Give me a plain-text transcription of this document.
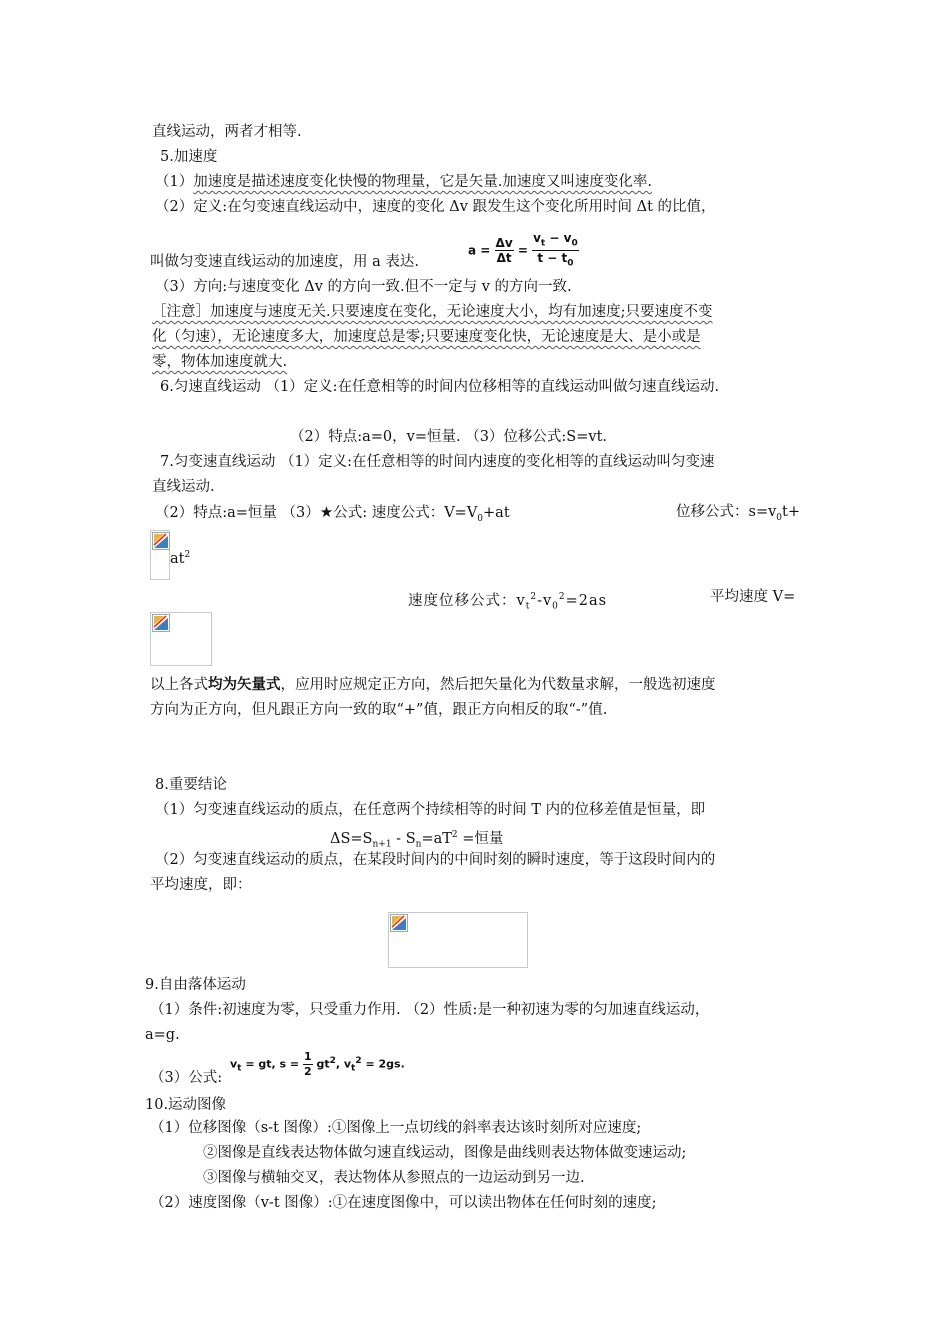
直线运动，两者才相等.
5.加速度
（1）加速度是描述速度变化快慢的物理量，它是矢量.加速度又叫速度变化率.
（2）定义:在匀变速直线运动中，速度的变化 Δv 跟发生这个变化所用时间 Δt 的比值，
叫做匀变速直线运动的加速度，用 a 表达.
$a = \frac{\Delta v}{\Delta t} = \frac{v_t - v_0}{t - t_0}$
（3）方向:与速度变化 Δv 的方向一致.但不一定与 v 的方向一致.
［注意］加速度与速度无关.只要速度在变化，无论速度大小，均有加速度;只要速度不变
化（匀速），无论速度多大，加速度总是零;只要速度变化快，无论速度是大、是小或是
零，物体加速度就大.
6.匀速直线运动 （1）定义:在任意相等的时间内位移相等的直线运动叫做匀速直线运动.
（2）特点:a=0，v=恒量. （3）位移公式:S=vt.
7.匀变速直线运动 （1）定义:在任意相等的时间内速度的变化相等的直线运动叫匀变速
直线运动.
（2）特点:a=恒量 （3）★公式: 速度公式：$V=V_0+at$	位移公式：$s=v_0t+$
$at^2$
速度位移公式：$v_t^2-v_0^2=2as$	平均速度 V=
以上各式均为矢量式，应用时应规定正方向，然后把矢量化为代数量求解，一般选初速度
方向为正方向，但凡跟正方向一致的取“+”值，跟正方向相反的取“-”值.
8.重要结论
（1）匀变速直线运动的质点，在任意两个持续相等的时间 T 内的位移差值是恒量，即
$\Delta S=S_{n+1} - S_n=aT^2$ =恒量
（2）匀变速直线运动的质点，在某段时间内的中间时刻的瞬时速度，等于这段时间内的
平均速度，即：
9.自由落体运动
（1）条件:初速度为零，只受重力作用. （2）性质:是一种初速为零的匀加速直线运动，
a=g.
（3）公式:
$v_t$ = gt, $s = \frac{1}{2} gt^2$, $v_t^2 = 2gs$.
10.运动图像
（1）位移图像（s-t 图像）:①图像上一点切线的斜率表达该时刻所对应速度;
②图像是直线表达物体做匀速直线运动，图像是曲线则表达物体做变速运动;
③图像与横轴交叉，表达物体从参照点的一边运动到另一边.
（2）速度图像（v-t 图像）:①在速度图像中，可以读出物体在任何时刻的速度;
